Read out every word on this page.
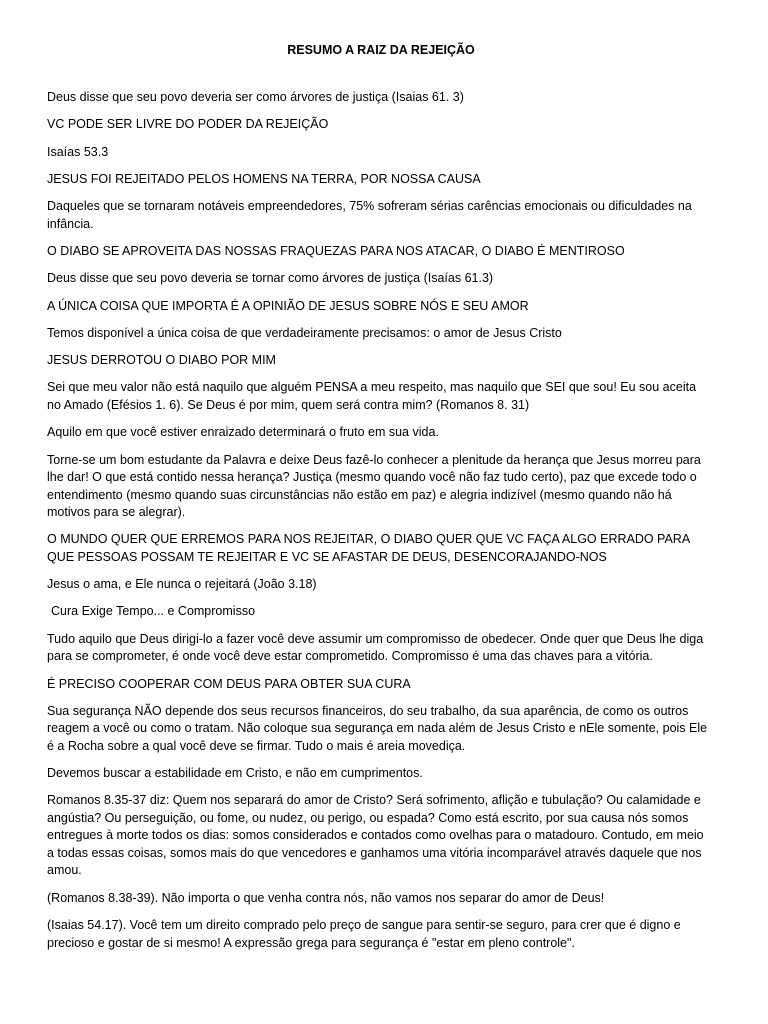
RESUMO A RAIZ DA REJEIÇÃO

Deus disse que seu povo deveria ser como árvores de justiça (Isaias 61. 3)

VC PODE SER LIVRE DO PODER DA REJEIÇÃO

Isaías 53.3

JESUS FOI REJEITADO PELOS HOMENS NA TERRA, POR NOSSA CAUSA

Daqueles que se tornaram notáveis empreendedores, 75% sofreram sérias carências emocionais ou dificuldades na infância.

O DIABO SE APROVEITA DAS NOSSAS FRAQUEZAS PARA NOS ATACAR, O DIABO É MENTIROSO

Deus disse que seu povo deveria se tornar como árvores de justiça (Isaías 61.3)

A ÚNICA COISA QUE IMPORTA É A OPINIÃO DE JESUS SOBRE NÓS E SEU AMOR

Temos disponível a única coisa de que verdadeiramente precisamos: o amor de Jesus Cristo

JESUS DERROTOU O DIABO POR MIM

Sei que meu valor não está naquilo que alguém PENSA a meu respeito, mas naquilo que SEI que sou! Eu sou aceita no Amado (Efésios 1. 6). Se Deus é por mim, quem será contra mim? (Romanos 8. 31)

Aquilo em que você estiver enraizado determinará o fruto em sua vida.

Torne-se um bom estudante da Palavra e deixe Deus fazê-lo conhecer a plenitude da herança que Jesus morreu para lhe dar! O que está contido nessa herança? Justiça (mesmo quando você não faz tudo certo), paz que excede todo o entendimento (mesmo quando suas circunstâncias não estão em paz) e alegria indizível (mesmo quando não há motivos para se alegrar).

O MUNDO QUER QUE ERREMOS PARA NOS REJEITAR, O DIABO QUER QUE VC FAÇA ALGO ERRADO PARA QUE PESSOAS POSSAM TE REJEITAR E VC SE AFASTAR DE DEUS, DESENCORAJANDO-NOS

Jesus o ama, e Ele nunca o rejeitará (João 3.18)

Cura Exige Tempo... e Compromisso

Tudo aquilo que Deus dirigi-lo a fazer você deve assumir um compromisso de obedecer. Onde quer que Deus lhe diga para se comprometer, é onde você deve estar comprometido. Compromisso é uma das chaves para a vitória.

É PRECISO COOPERAR COM DEUS PARA OBTER SUA CURA

Sua segurança NÃO depende dos seus recursos financeiros, do seu trabalho, da sua aparência, de como os outros reagem a você ou como o tratam. Não coloque sua segurança em nada além de Jesus Cristo e nEle somente, pois Ele é a Rocha sobre a qual você deve se firmar. Tudo o mais é areia movediça.

Devemos buscar a estabilidade em Cristo, e não em cumprimentos.

Romanos 8.35-37 diz: Quem nos separará do amor de Cristo? Será sofrimento, aflição e tubulação? Ou calamidade e angústia? Ou perseguição, ou fome, ou nudez, ou perigo, ou espada? Como está escrito, por sua causa nós somos entregues à morte todos os dias: somos considerados e contados como ovelhas para o matadouro. Contudo, em meio a todas essas coisas, somos mais do que vencedores e ganhamos uma vitória incomparável através daquele que nos amou.

(Romanos 8.38-39). Não importa o que venha contra nós, não vamos nos separar do amor de Deus!

(Isaias 54.17). Você tem um direito comprado pelo preço de sangue para sentir-se seguro, para crer que é digno e precioso e gostar de si mesmo! A expressão grega para segurança é "estar em pleno controle".
